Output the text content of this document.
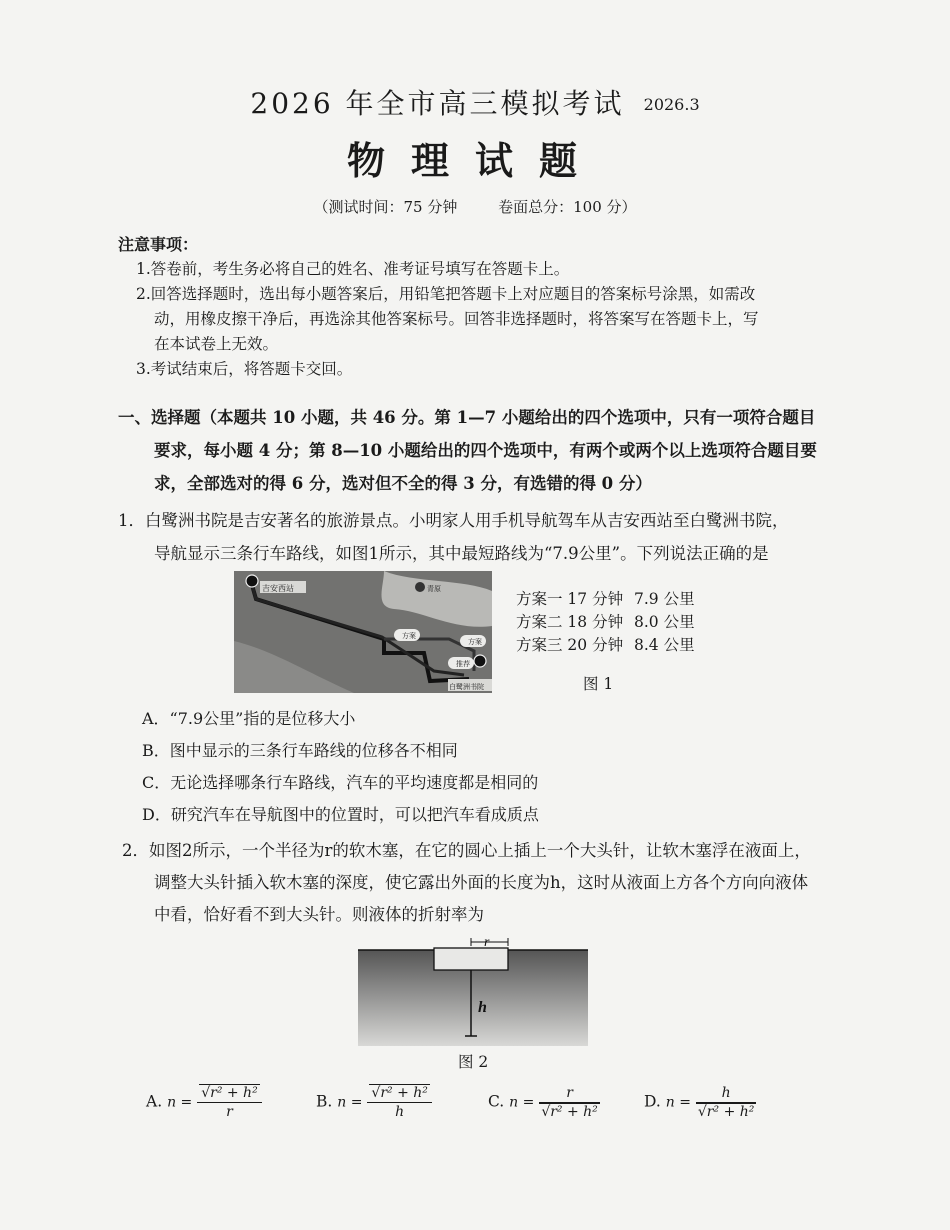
2026 年全市高三模拟考试 2026.3
物理试题
（测试时间：75 分钟	卷面总分：100 分）
注意事项：
1.答卷前，考生务必将自己的姓名、准考证号填写在答题卡上。
2.回答选择题时，选出每小题答案后，用铅笔把答题卡上对应题目的答案标号涂黑，如需改
动，用橡皮擦干净后，再选涂其他答案标号。回答非选择题时，将答案写在答题卡上，写
在本试卷上无效。
3.考试结束后，将答题卡交回。
一、选择题（本题共 10 小题，共 46 分。第 1—7 小题给出的四个选项中，只有一项符合题目
要求，每小题 4 分；第 8—10 小题给出的四个选项中，有两个或两个以上选项符合题目要
求，全部选对的得 6 分，选对但不全的得 3 分，有选错的得 0 分）
1．白鹭洲书院是吉安著名的旅游景点。小明家人用手机导航驾车从吉安西站至白鹭洲书院，
导航显示三条行车路线，如图1所示，其中最短路线为“7.9公里”。下列说法正确的是
吉安西站	青原
方案
方案
推荐
白鹭洲书院
方案一 17 分钟 7.9 公里
方案二 18 分钟 8.0 公里
方案三 20 分钟 8.4 公里
图 1
A．“7.9公里”指的是位移大小
B．图中显示的三条行车路线的位移各不相同
C．无论选择哪条行车路线，汽车的平均速度都是相同的
D．研究汽车在导航图中的位置时，可以把汽车看成质点
2．如图2所示，一个半径为r的软木塞，在它的圆心上插上一个大头针，让软木塞浮在液面上，
调整大头针插入软木塞的深度，使它露出外面的长度为h，这时从液面上方各个方向向液体
中看，恰好看不到大头针。则液体的折射率为
r
h
图 2
A. $n = \frac{\text{√r² + h²}}{r}$	B. $n = \frac{\text{√r² + h²}}{h}$	C. $n = \frac{r}{\text{√r² + h²}}$	D. $n = \frac{h}{\text{√r² + h²}}$
